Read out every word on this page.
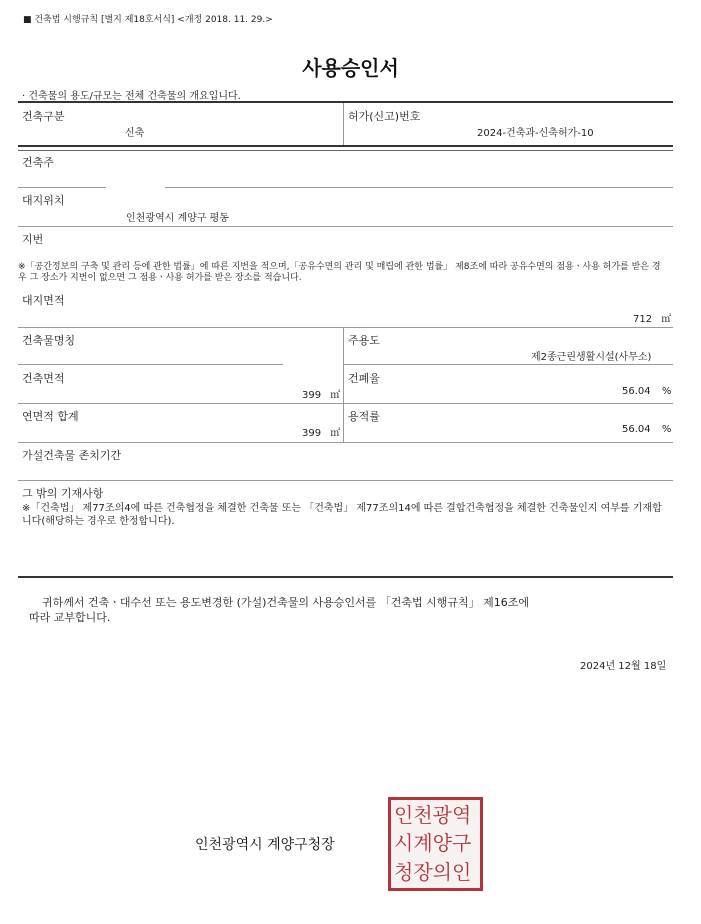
■ 건축법 시행규칙 [별지 제18호서식] <개정 2018. 11. 29.>
사용승인서
· 건축물의 용도/규모는 전체 건축물의 개요입니다.
건축구분
신축
허가(신고)번호
2024-건축과-신축허가-10
건축주
대지위치
인천광역시 계양구 평동
지번
※「공간정보의 구축 및 관리 등에 관한 법률」에 따른 지번을 적으며,「공유수면의 관리 및 매립에 관한 법률」 제8조에 따라 공유수면의 점용ㆍ사용 허가를 받은 경우 그 장소가 지번이 없으면 그 점용ㆍ사용 허가를 받은 장소를 적습니다.
대지면적
712 ㎡
건축물명칭	주용도
제2종근린생활시설(사무소)
건축면적
399 ㎡
건폐율
56.04 %
연면적 합계
399 ㎡
용적률
56.04 %
가설건축물 존치기간
그 밖의 기재사항
※「건축법」 제77조의4에 따른 건축협정을 체결한 건축물 또는 「건축법」 제77조의14에 따른 결합건축협정을 체결한 건축물인지 여부를 기재합니다(해당하는 경우로 한정합니다).
귀하께서 건축ㆍ대수선 또는 용도변경한 (가설)건축물의 사용승인서를 「건축법 시행규칙」 제16조에
따라 교부합니다.
2024년 12월 18일
인천광역시 계양구청장
인천광역
시계양구
청장의인
